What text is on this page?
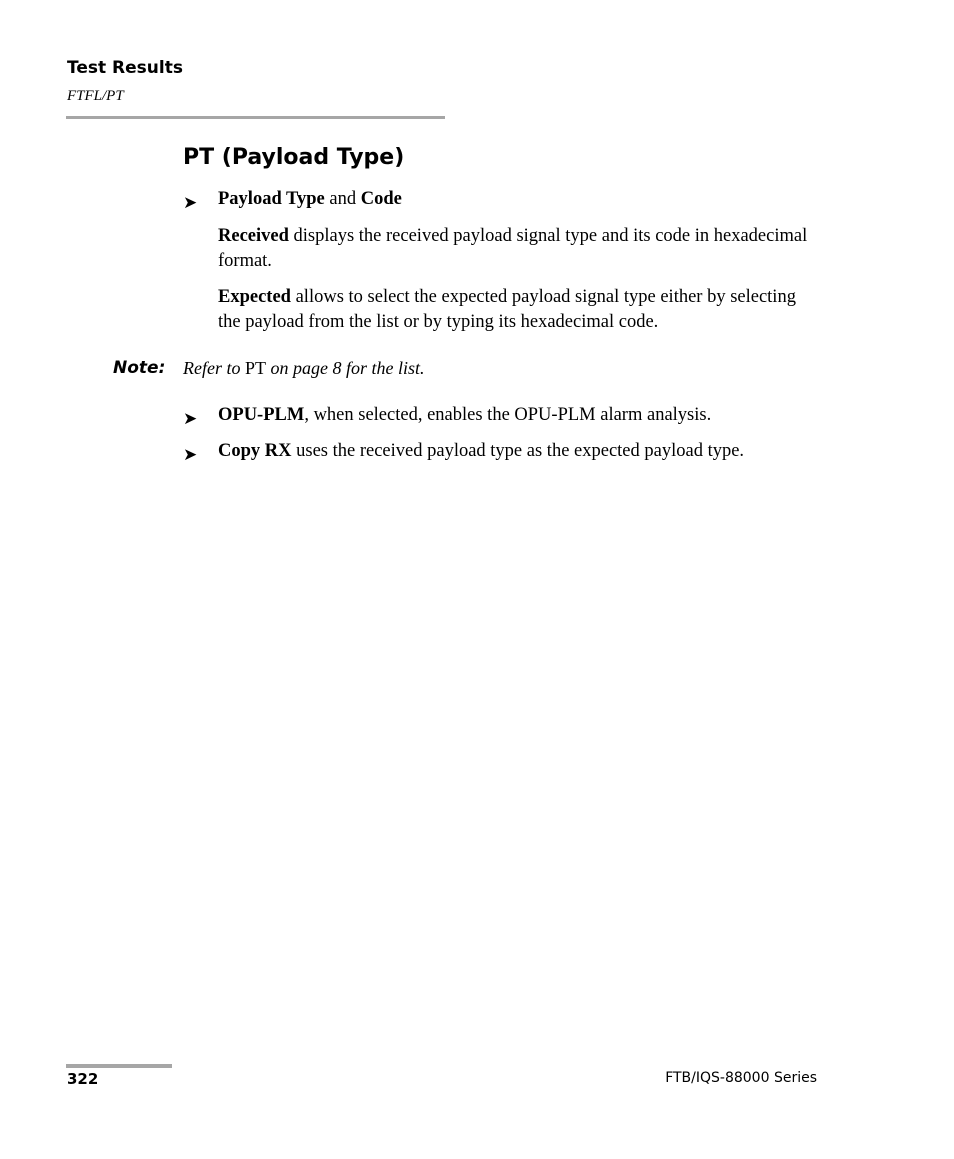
Test Results
FTFL/PT
PT (Payload Type)
➤ Payload Type and Code
Received displays the received payload signal type and its code in hexadecimal format.
Expected allows to select the expected payload signal type either by selecting the payload from the list or by typing its hexadecimal code.
Note: Refer to PT on page 8 for the list.
➤ OPU-PLM, when selected, enables the OPU-PLM alarm analysis.
➤ Copy RX uses the received payload type as the expected payload type.
322	FTB/IQS-88000 Series
